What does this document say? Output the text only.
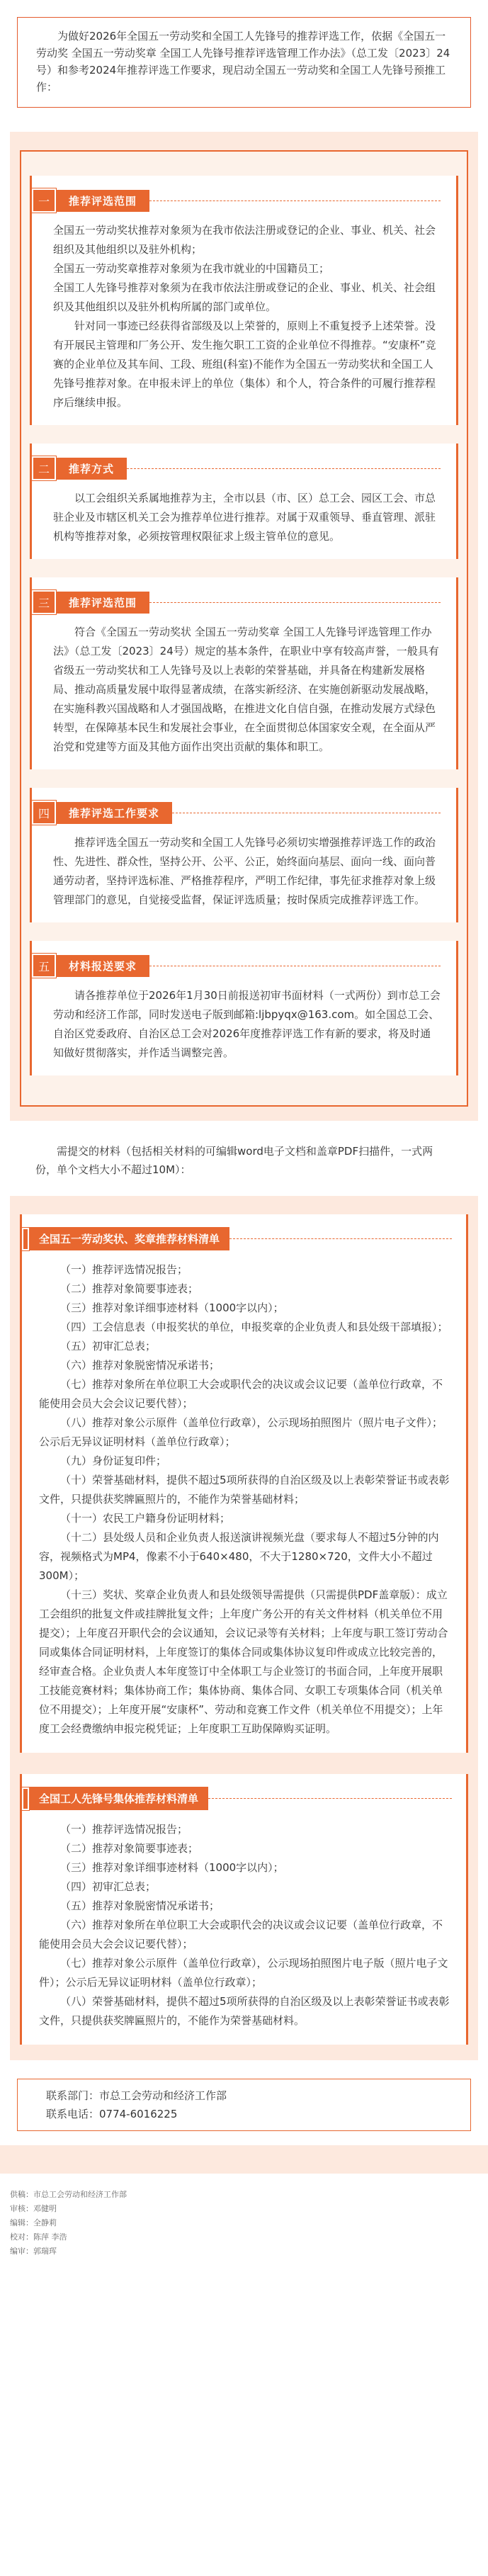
为做好2026年全国五一劳动奖和全国工人先锋号的推荐评选工作，依据《全国五一劳动奖 全国五一劳动奖章 全国工人先锋号推荐评选管理工作办法》（总工发〔2023〕24号）和参考2024年推荐评选工作要求，现启动全国五一劳动奖和全国工人先锋号预推工作：
一	推荐评选范围
全国五一劳动奖状推荐对象须为在我市依法注册或登记的企业、事业、机关、社会组织及其他组织以及驻外机构；
全国五一劳动奖章推荐对象须为在我市就业的中国籍员工；
全国工人先锋号推荐对象须为在我市依法注册或登记的企业、事业、机关、社会组织及其他组织以及驻外机构所属的部门或单位。
针对同一事迹已经获得省部级及以上荣誉的，原则上不重复授予上述荣誉。没有开展民主管理和厂务公开、发生拖欠职工工资的企业单位不得推荐。“安康杯”竞赛的企业单位及其车间、工段、班组(科室)不能作为全国五一劳动奖状和全国工人先锋号推荐对象。在申报未评上的单位（集体）和个人，符合条件的可履行推荐程序后继续申报。
二	推荐方式
以工会组织关系属地推荐为主，全市以县（市、区）总工会、园区工会、市总驻企业及市辖区机关工会为推荐单位进行推荐。对属于双重领导、垂直管理、派驻机构等推荐对象，必须按管理权限征求上级主管单位的意见。
三	推荐评选范围
符合《全国五一劳动奖状 全国五一劳动奖章 全国工人先锋号评选管理工作办法》（总工发〔2023〕24号）规定的基本条件，在职业中享有较高声誉，一般具有省级五一劳动奖状和工人先锋号及以上表彰的荣誉基础，并具备在构建新发展格局、推动高质量发展中取得显著成绩，在落实新经济、在实施创新驱动发展战略，在实施科教兴国战略和人才强国战略，在推进文化自信自强，在推动发展方式绿色转型，在保障基本民生和发展社会事业，在全面贯彻总体国家安全观，在全面从严治党和党建等方面及其他方面作出突出贡献的集体和职工。
四	推荐评选工作要求
推荐评选全国五一劳动奖和全国工人先锋号必须切实增强推荐评选工作的政治性、先进性、群众性，坚持公开、公平、公正，始终面向基层、面向一线、面向普通劳动者，坚持评选标准、严格推荐程序，严明工作纪律，事先征求推荐对象上级管理部门的意见，自觉接受监督，保证评选质量；按时保质完成推荐评选工作。
五	材料报送要求
请各推荐单位于2026年1月30日前报送初审书面材料（一式两份）到市总工会劳动和经济工作部，同时发送电子版到邮箱:ljbpyqx@163.com。如全国总工会、自治区党委政府、自治区总工会对2026年度推荐评选工作有新的要求，将及时通知做好贯彻落实，并作适当调整完善。
需提交的材料（包括相关材料的可编辑word电子文档和盖章PDF扫描件，一式两份，单个文档大小不超过10M）：
全国五一劳动奖状、奖章推荐材料清单
（一）推荐评选情况报告；
（二）推荐对象简要事迹表；
（三）推荐对象详细事迹材料（1000字以内）；
（四）工会信息表（申报奖状的单位，申报奖章的企业负责人和县处级干部填报）；
（五）初审汇总表；
（六）推荐对象脱密情况承诺书；
（七）推荐对象所在单位职工大会或职代会的决议或会议记要（盖单位行政章，不能使用会员大会会议记要代替）；
（八）推荐对象公示原件（盖单位行政章），公示现场拍照图片（照片电子文件）；公示后无异议证明材料（盖单位行政章）；
（九）身份证复印件；
（十）荣誉基础材料，提供不超过5项所获得的自治区级及以上表彰荣誉证书或表彰文件，只提供获奖牌匾照片的，不能作为荣誉基础材料；
（十一）农民工户籍身份证明材料；
（十二）县处级人员和企业负责人报送演讲视频光盘（要求每人不超过5分钟的内容，视频格式为MP4，像素不小于640×480，不大于1280×720，文件大小不超过300M）；
（十三）奖状、奖章企业负责人和县处级领导需提供（只需提供PDF盖章版）：成立工会组织的批复文件或挂牌批复文件；上年度广务公开的有关文件材料（机关单位不用提交）；上年度召开职代会的会议通知，会议记录等有关材料；上年度与职工签订劳动合同或集体合同证明材料，上年度签订的集体合同或集体协议复印件或成立比较完善的，经审查合格。企业负责人本年度签订中全体职工与企业签订的书面合同，上年度开展职工技能竞赛材料；集体协商工作；集体协商、集体合同、女职工专项集体合同（机关单位不用提交）；上年度开展“安康杯”、劳动和竞赛工作文件（机关单位不用提交）；上年度工会经费缴纳申报完税凭证；上年度职工互助保障购买证明。
全国工人先锋号集体推荐材料清单
（一）推荐评选情况报告；
（二）推荐对象简要事迹表；
（三）推荐对象详细事迹材料（1000字以内）；
（四）初审汇总表；
（五）推荐对象脱密情况承诺书；
（六）推荐对象所在单位职工大会或职代会的决议或会议记要（盖单位行政章，不能使用会员大会会议记要代替）；
（七）推荐对象公示原件（盖单位行政章），公示现场拍照图片电子版（照片电子文件）；公示后无异议证明材料（盖单位行政章）；
（八）荣誉基础材料，提供不超过5项所获得的自治区级及以上表彰荣誉证书或表彰文件，只提供获奖牌匾照片的，不能作为荣誉基础材料。
联系部门：市总工会劳动和经济工作部
联系电话：0774-6016225
供稿：市总工会劳动和经济工作部
审核：邓健明
编辑：全静莉
校对：陈萍 李浩
编审：郭瑞珲
